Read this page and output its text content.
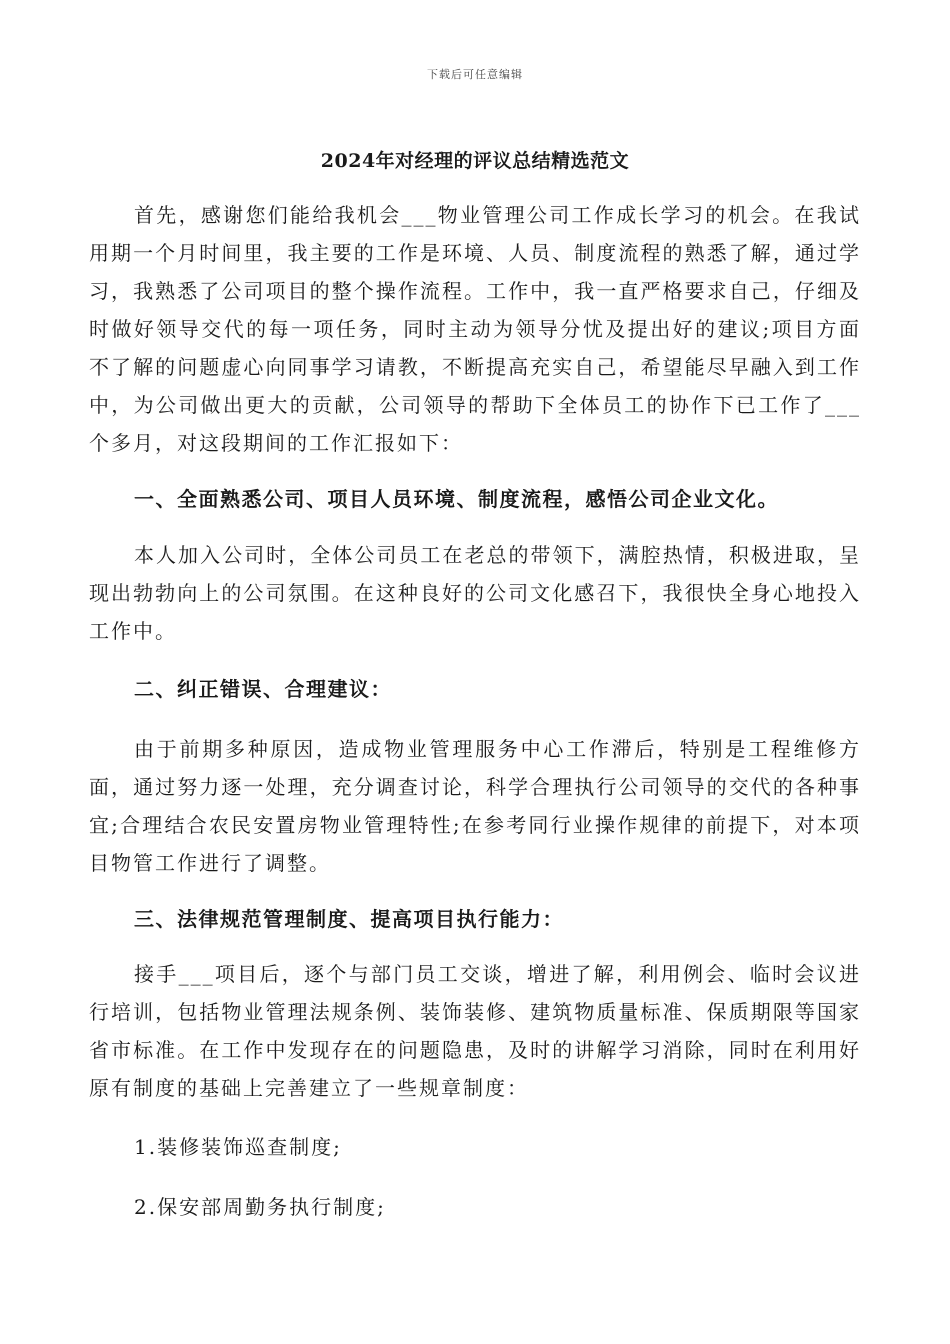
下载后可任意编辑
2024年对经理的评议总结精选范文

首先，感谢您们能给我机会___物业管理公司工作成长学习的机会。在我试用期一个月时间里，我主要的工作是环境、人员、制度流程的熟悉了解，通过学习，我熟悉了公司项目的整个操作流程。工作中，我一直严格要求自己，仔细及时做好领导交代的每一项任务，同时主动为领导分忧及提出好的建议;项目方面不了解的问题虚心向同事学习请教，不断提高充实自己，希望能尽早融入到工作中，为公司做出更大的贡献，公司领导的帮助下全体员工的协作下已工作了___个多月，对这段期间的工作汇报如下：

一、全面熟悉公司、项目人员环境、制度流程，感悟公司企业文化。

本人加入公司时，全体公司员工在老总的带领下，满腔热情，积极进取，呈现出勃勃向上的公司氛围。在这种良好的公司文化感召下，我很快全身心地投入工作中。

二、纠正错误、合理建议：

由于前期多种原因，造成物业管理服务中心工作滞后，特别是工程维修方面，通过努力逐一处理，充分调查讨论，科学合理执行公司领导的交代的各种事宜;合理结合农民安置房物业管理特性;在参考同行业操作规律的前提下，对本项目物管工作进行了调整。

三、法律规范管理制度、提高项目执行能力：

接手___项目后，逐个与部门员工交谈，增进了解，利用例会、临时会议进行培训，包括物业管理法规条例、装饰装修、建筑物质量标准、保质期限等国家省市标准。在工作中发现存在的问题隐患，及时的讲解学习消除，同时在利用好原有制度的基础上完善建立了一些规章制度：

1.装修装饰巡查制度;

2.保安部周勤务执行制度;
